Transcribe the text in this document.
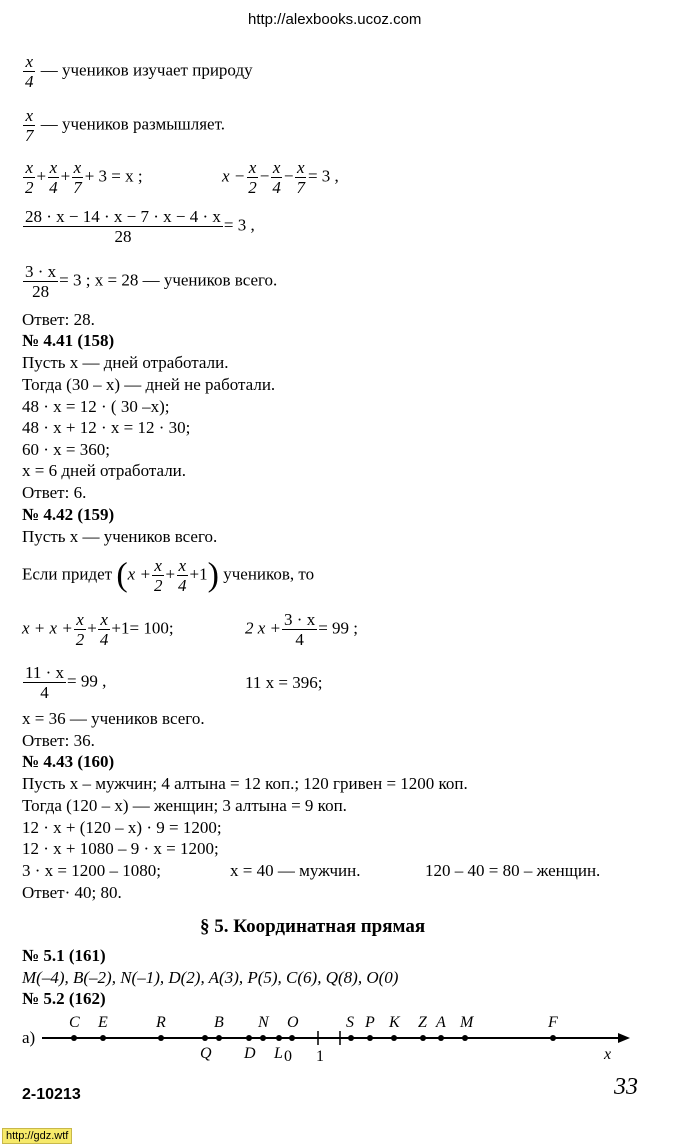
http://alexbooks.ucoz.com
$\frac{x}{4}$ — учеников изучает природу
$\frac{x}{7}$ — учеников размышляет.
$\frac{x}{2} + \frac{x}{4} + \frac{x}{7} + 3 = x$ ;	$x - \frac{x}{2} - \frac{x}{4} - \frac{x}{7} = 3$ ,
$\frac{28 \cdot x - 14 \cdot x - 7 \cdot x - 4 \cdot x}{28} = 3$ ,
$\frac{3 \cdot x}{28} = 3$ ; x = 28 — учеников всего.
Ответ: 28.
№ 4.41 (158)
Пусть x — дней отработали.
Тогда (30 – x) — дней не работали.
48 · x = 12 · ( 30 –x);
48 · x + 12 · x = 12 · 30;
60 · x = 360;
x = 6 дней отработали.
Ответ: 6.
№ 4.42 (159)
Пусть x — учеников всего.
Если придет $(x + \frac{x}{2} + \frac{x}{4} +1)$ учеников, то
$x + x + \frac{x}{2} + \frac{x}{4} +1= 100$;	2 $x + \frac{3 \cdot x}{4} = 99$ ;
$\frac{11 \cdot x}{4} = 99$ ,	11 x = 396;
x = 36 — учеников всего.
Ответ: 36.
№ 4.43 (160)
Пусть x – мужчин; 4 алтына = 12 коп.; 120 гривен = 1200 коп.
Тогда (120 – x) — женщин; 3 алтына = 9 коп.
12 · x + (120 – x) · 9 = 1200;
12 · x + 1080 – 9 · x = 1200;
3 · x = 1200 – 1080;	x = 40 — мужчин.	120 – 40 = 80 – женщин.
Ответ· 40; 80.
§ 5. Координатная прямая
№ 5.1 (161)
M(–4), B(–2), N(–1), D(2), A(3), P(5), C(6), Q(8), O(0)
№ 5.2 (162)
а)
C E	R	B N O	S P K Z A M	F
Q D L 0 1	x
2-10213	33
http://gdz.wtf
